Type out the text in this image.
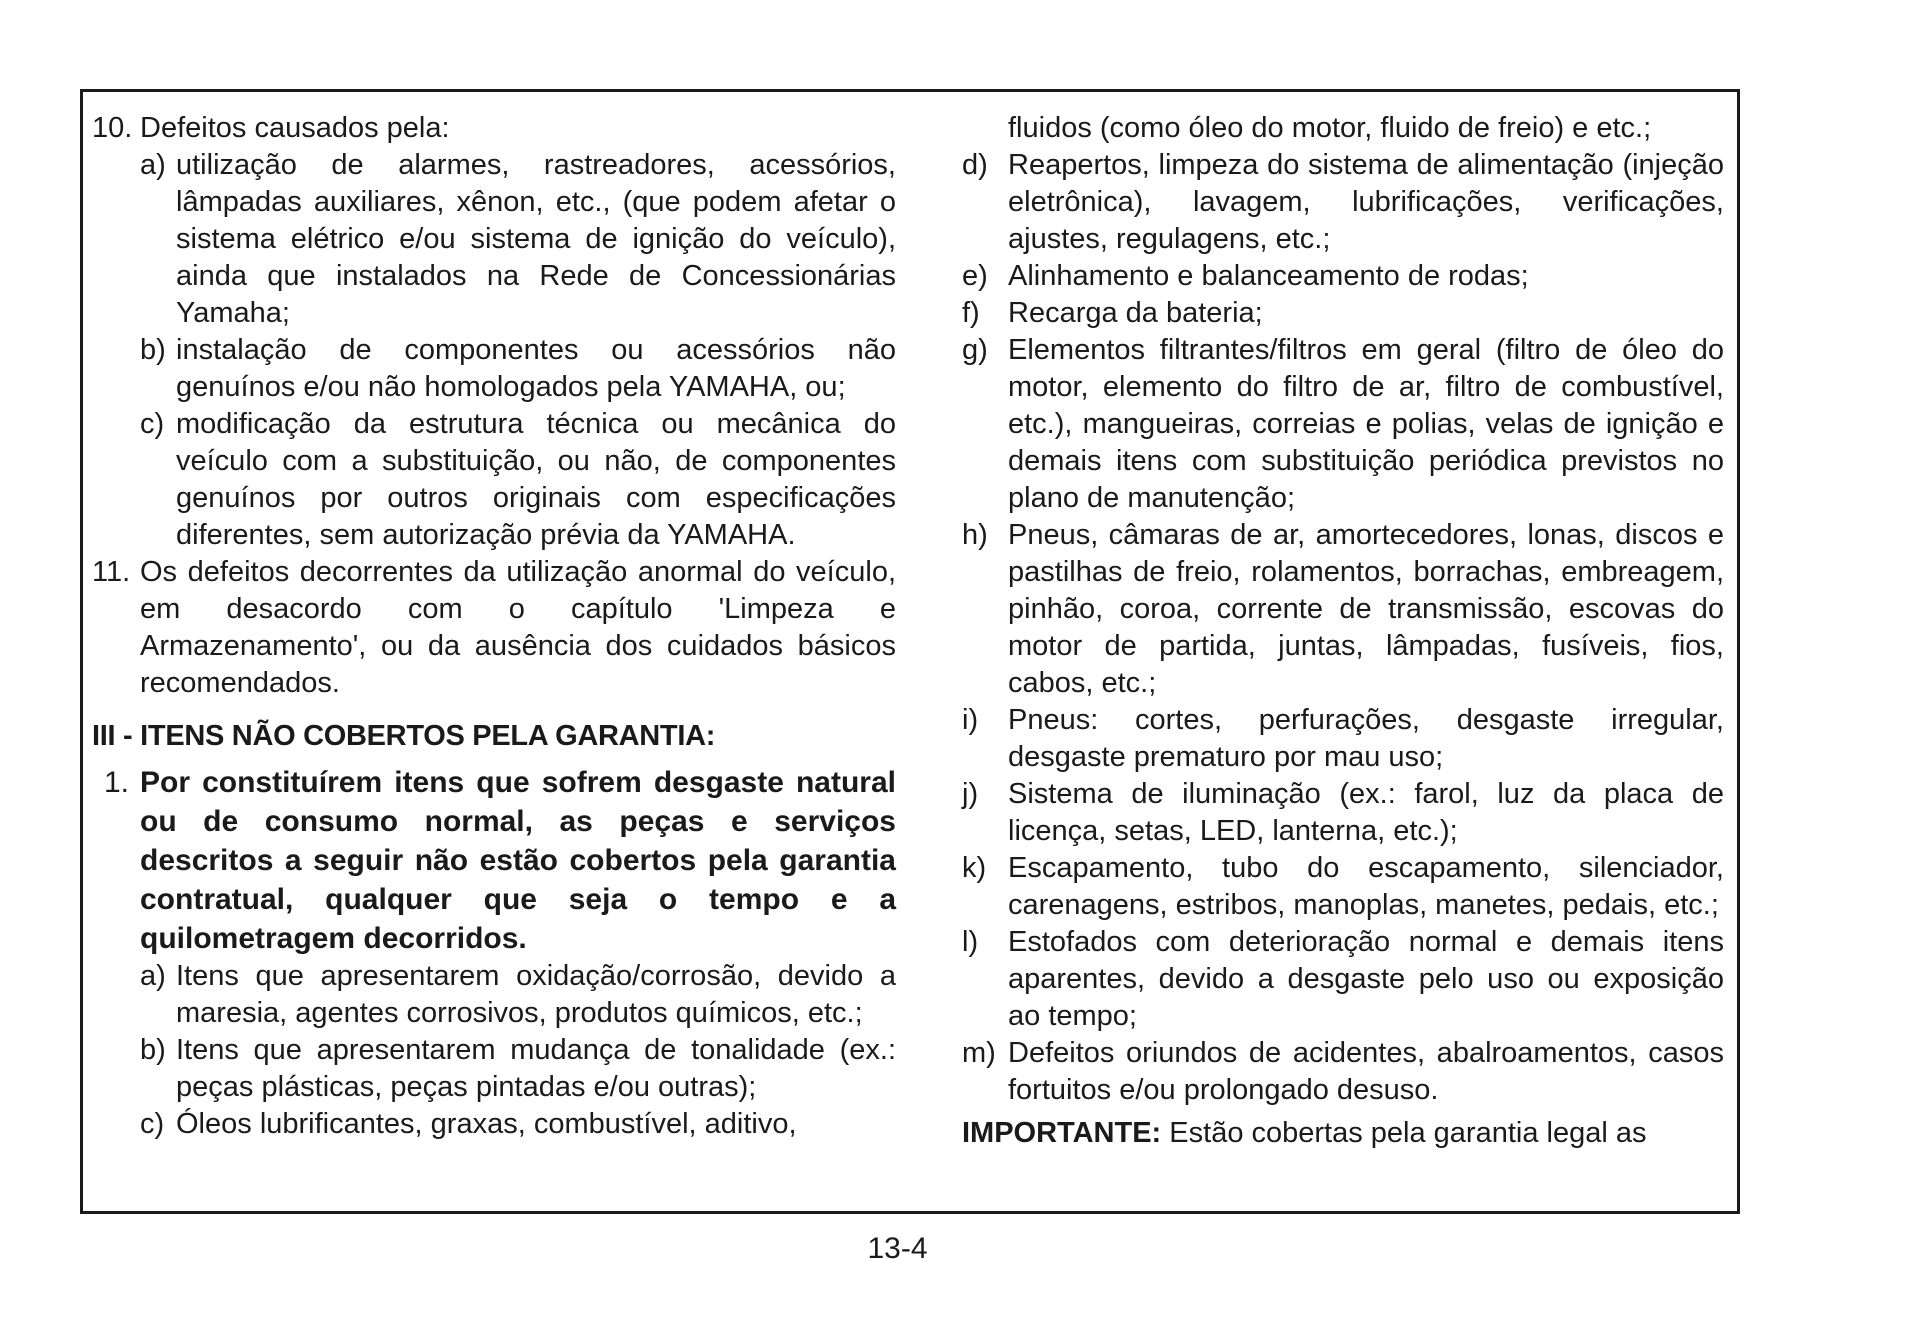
10. Defeitos causados pela:
a) utilização de alarmes, rastreadores, acessórios, lâmpadas auxiliares, xênon, etc., (que podem afetar o sistema elétrico e/ou sistema de ignição do veículo), ainda que instalados na Rede de Concessionárias Yamaha;
b) instalação de componentes ou acessórios não genuínos e/ou não homologados pela YAMAHA, ou;
c) modificação da estrutura técnica ou mecânica do veículo com a substituição, ou não, de componentes genuínos por outros originais com especificações diferentes, sem autorização prévia da YAMAHA.
11. Os defeitos decorrentes da utilização anormal do veículo, em desacordo com o capítulo 'Limpeza e Armazenamento', ou da ausência dos cuidados básicos recomendados.
III - ITENS NÃO COBERTOS PELA GARANTIA:
1. Por constituírem itens que sofrem desgaste natural ou de consumo normal, as peças e serviços descritos a seguir não estão cobertos pela garantia contratual, qualquer que seja o tempo e a quilometragem decorridos.
a) Itens que apresentarem oxidação/corrosão, devido a maresia, agentes corrosivos, produtos químicos, etc.;
b) Itens que apresentarem mudança de tonalidade (ex.: peças plásticas, peças pintadas e/ou outras);
c) Óleos lubrificantes, graxas, combustível, aditivo,
fluidos (como óleo do motor, fluido de freio) e etc.;
d) Reapertos, limpeza do sistema de alimentação (injeção eletrônica), lavagem, lubrificações, verificações, ajustes, regulagens, etc.;
e) Alinhamento e balanceamento de rodas;
f) Recarga da bateria;
g) Elementos filtrantes/filtros em geral (filtro de óleo do motor, elemento do filtro de ar, filtro de combustível, etc.), mangueiras, correias e polias, velas de ignição e demais itens com substituição periódica previstos no plano de manutenção;
h) Pneus, câmaras de ar, amortecedores, lonas, discos e pastilhas de freio, rolamentos, borrachas, embreagem, pinhão, coroa, corrente de transmissão, escovas do motor de partida, juntas, lâmpadas, fusíveis, fios, cabos, etc.;
i) Pneus: cortes, perfurações, desgaste irregular, desgaste prematuro por mau uso;
j) Sistema de iluminação (ex.: farol, luz da placa de licença, setas, LED, lanterna, etc.);
k) Escapamento, tubo do escapamento, silenciador, carenagens, estribos, manoplas, manetes, pedais, etc.;
l) Estofados com deterioração normal e demais itens aparentes, devido a desgaste pelo uso ou exposição ao tempo;
m) Defeitos oriundos de acidentes, abalroamentos, casos fortuitos e/ou prolongado desuso.
IMPORTANTE: Estão cobertas pela garantia legal as
13-4
